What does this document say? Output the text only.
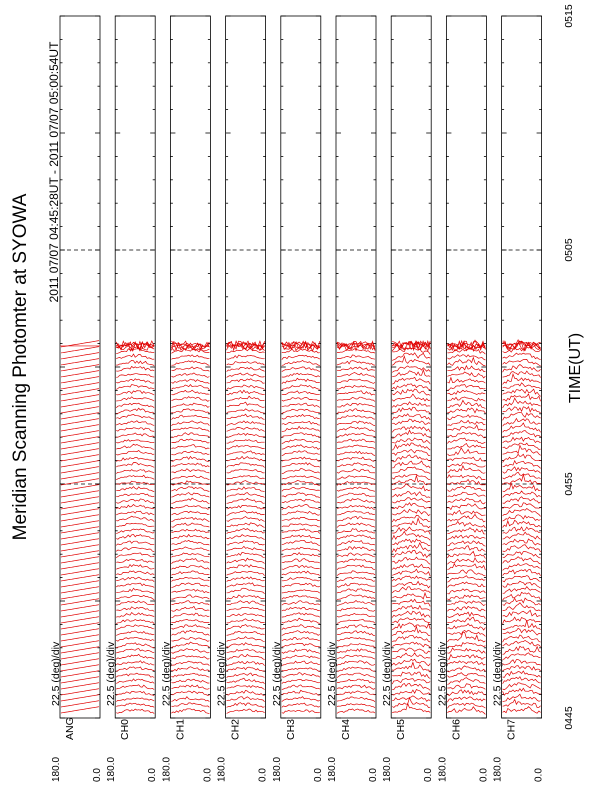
22.5 (deg)/div
180.0	0.0
ANG
22.5 (deg)/div
180.0	0.0
CH0
22.5 (deg)/div
180.0	0.0
CH1
22.5 (deg)/div
180.0	0.0
CH2
22.5 (deg)/div
180.0	0.0
CH3
22.5 (deg)/div
180.0	0.0
CH4
22.5 (deg)/div
180.0	0.0
CH5
22.5 (deg)/div
180.0	0.0
CH6
22.5 (deg)/div
180.0	0.0
CH7	0445
0455
0505
0515
Meridian Scanning Photomter at SYOWA
2011 07/07 04:45:28UT - 2011 07/07 05:00:54UT
TIME(UT)
